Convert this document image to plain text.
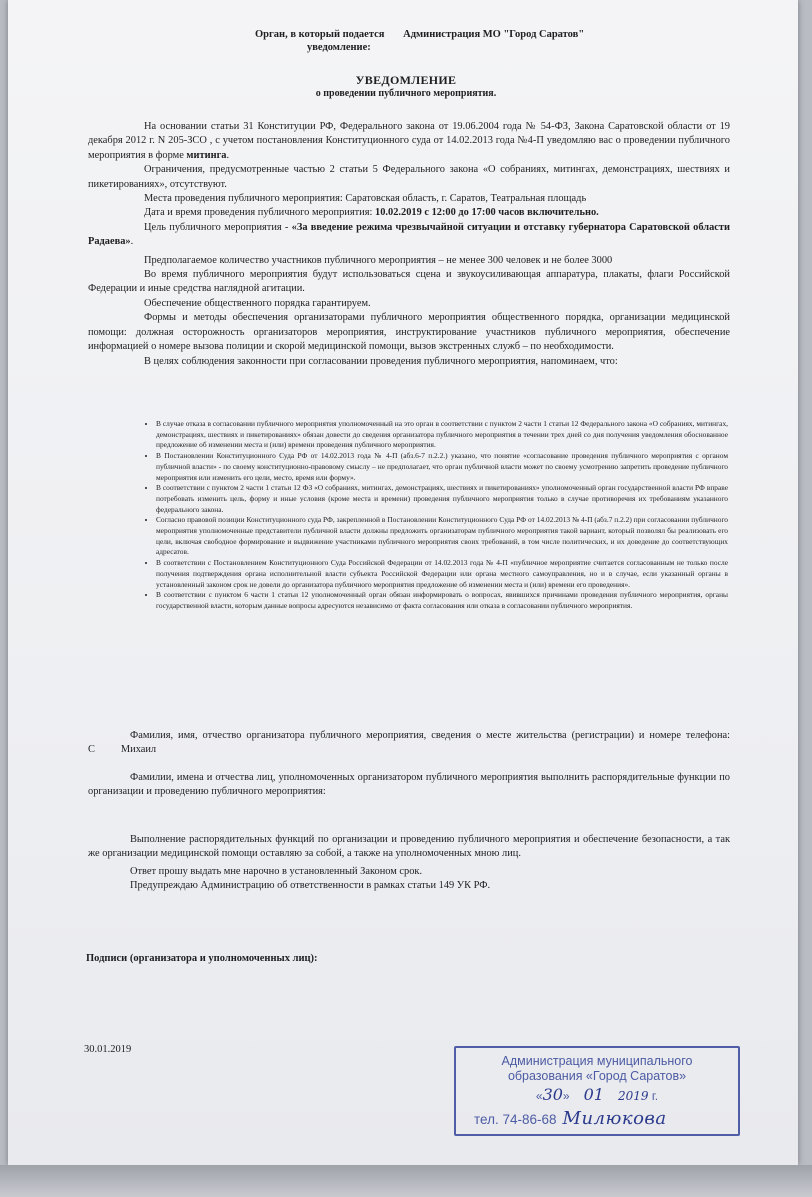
Орган, в который подается Администрация МО "Город Саратов"
уведомление:
УВЕДОМЛЕНИЕ
о проведении публичного мероприятия.

На основании статьи 31 Конституции РФ, Федерального закона от 19.06.2004 года № 54-ФЗ, Закона Саратовской области от 19 декабря 2012 г. N 205-ЗСО , с учетом постановления Конституционного суда от 14.02.2013 года №4-П уведомляю вас о проведении публичного мероприятия в форме митинга.

Ограничения, предусмотренные частью 2 статьи 5 Федерального закона «О собраниях, митингах, демонстрациях, шествиях и пикетированиях», отсутствуют.

Места проведения публичного мероприятия: Саратовская область, г. Саратов, Театральная площадь

Дата и время проведения публичного мероприятия: 10.02.2019 с 12:00 до 17:00 часов включительно.

Цель публичного мероприятия - «За введение режима чрезвычайной ситуации и отставку губернатора Саратовской области Радаева».

Предполагаемое количество участников публичного мероприятия – не менее 300 человек и не более 3000

Во время публичного мероприятия будут использоваться сцена и звукоусиливающая аппаратура, плакаты, флаги Российской Федерации и иные средства наглядной агитации.

Обеспечение общественного порядка гарантируем.

Формы и методы обеспечения организаторами публичного мероприятия общественного порядка, организации медицинской помощи: должная осторожность организаторов мероприятия, инструктирование участников публичного мероприятия, обеспечение информацией о номере вызова полиции и скорой медицинской помощи, вызов экстренных служб – по необходимости.

В целях соблюдения законности при согласовании проведения публичного мероприятия, напоминаем, что:

• В случае отказа в согласовании публичного мероприятия уполномоченный на это орган в соответствии с пунктом 2 части 1 статьи 12 Федерального закона «О собраниях, митингах, демонстрациях, шествиях и пикетированиях» обязан довести до сведения организатора публичного мероприятия в течении трех дней со дня получения уведомления обоснованное предложение об изменении места и (или) времени проведения публичного мероприятия.
• В Постановлении Конституционного Суда РФ от 14.02.2013 года № 4-П (абз.6-7 п.2.2.) указано, что понятие «согласование проведения публичного мероприятия с органом публичной власти» - по своему конституционно-правовому смыслу – не предполагает, что орган публичной власти может по своему усмотрению запретить проведение публичного мероприятия или изменить его цели, место, время или форму».
• В соответствии с пунктом 2 части 1 статьи 12 ФЗ «О собраниях, митингах, демонстрациях, шествиях и пикетированиях» уполномоченный орган государственной власти РФ вправе потребовать изменить цель, форму и иные условия (кроме места и времени) проведения публичного мероприятия только в случае противоречия их требованиям указанного федерального закона.
• Согласно правовой позиции Конституционного суда РФ, закрепленной в Постановлении Конституционного Суда РФ от 14.02.2013 № 4-П (абз.7 п.2.2) при согласовании публичного мероприятия уполномоченные представители публичной власти должны предложить организаторам публичного мероприятия такой вариант, который позволял бы реализовать его цели, включая свободное формирование и выдвижение участниками публичного мероприятия своих требований, в том числе политических, и их доведение до соответствующих адресатов.
• В соответствии с Постановлением Конституционного Суда Российской Федерации от 14.02.2013 года № 4-П «публичное мероприятие считается согласованным не только после получения подтверждения органа исполнительной власти субъекта Российской Федерации или органа местного самоуправления, но и в случае, если указанный органы в установленный законом срок не довели до организатора публичного мероприятия предложение об изменении места и (или) времени его проведения».
• В соответствии с пунктом 6 части 1 статьи 12 уполномоченный орган обязан информировать о вопросах, явившихся причинами проведения публичного мероприятия, органы государственной власти, которым данные вопросы адресуются независимо от факта согласования или отказа в согласовании публичного мероприятия.

Фамилия, имя, отчество организатора публичного мероприятия, сведения о месте жительства (регистрации) и номере телефона: С          Михаил

Фамилии, имена и отчества лиц, уполномоченных организатором публичного мероприятия выполнить распорядительные функции по организации и проведению публичного мероприятия:

Выполнение распорядительных функций по организации и проведению публичного мероприятия и обеспечение безопасности, а так же организации медицинской помощи оставляю за собой, а также на уполномоченных мною лиц.

Ответ прошу выдать мне нарочно в установленный Законом срок.

Предупреждаю Администрацию об ответственности в рамках статьи 149 УК РФ.

Подписи (организатора и уполномоченных лиц):
30.01.2019
Администрация муниципального
образования «Город Саратов»
«30» 01 2019 г.
тел. 74-86-68 Милюкова
